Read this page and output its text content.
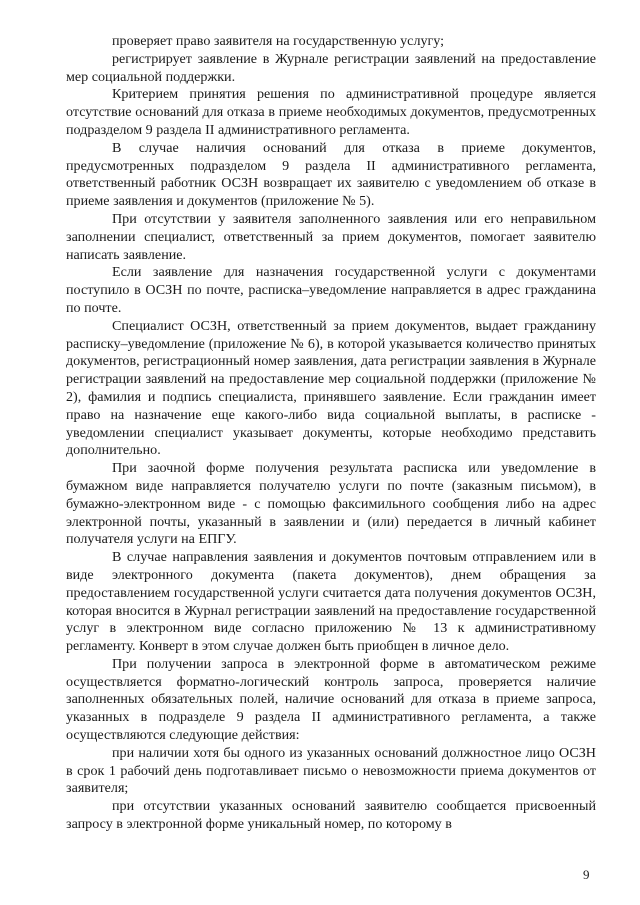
проверяет право заявителя на государственную услугу;

регистрирует заявление в Журнале регистрации заявлений на предоставление мер социальной поддержки.

Критерием принятия решения по административной процедуре является отсутствие оснований для отказа в приеме необходимых документов, предусмотренных подразделом 9 раздела II административного регламента.

В случае наличия оснований для отказа в приеме документов, предусмотренных подразделом 9 раздела II административного регламента, ответственный работник ОСЗН возвращает их заявителю с уведомлением об отказе в приеме заявления и документов (приложение № 5).

При отсутствии у заявителя заполненного заявления или его неправильном заполнении специалист, ответственный за прием документов, помогает заявителю написать заявление.

Если заявление для назначения государственной услуги с документами поступило в ОСЗН по почте, расписка–уведомление направляется в адрес гражданина по почте.

Специалист ОСЗН, ответственный за прием документов, выдает гражданину расписку–уведомление (приложение № 6), в которой указывается количество принятых документов, регистрационный номер заявления, дата регистрации заявления в Журнале регистрации заявлений на предоставление мер социальной поддержки (приложение № 2), фамилия и подпись специалиста, принявшего заявление. Если гражданин имеет право на назначение еще какого-либо вида социальной выплаты, в расписке - уведомлении специалист указывает документы, которые необходимо представить дополнительно.

При заочной форме получения результата расписка или уведомление в бумажном виде направляется получателю услуги по почте (заказным письмом), в бумажно-электронном виде - с помощью факсимильного сообщения либо на адрес электронной почты, указанный в заявлении и (или) передается в личный кабинет получателя услуги на ЕПГУ.

В случае направления заявления и документов почтовым отправлением или в виде электронного документа (пакета документов), днем обращения за предоставлением государственной услуги считается дата получения документов ОСЗН, которая вносится в Журнал регистрации заявлений на предоставление государственной услуг в электронном виде согласно приложению № 13 к административному регламенту. Конверт в этом случае должен быть приобщен в личное дело.

При получении запроса в электронной форме в автоматическом режиме осуществляется форматно-логический контроль запроса, проверяется наличие заполненных обязательных полей, наличие оснований для отказа в приеме запроса, указанных в подразделе 9 раздела II административного регламента, а также осуществляются следующие действия:

при наличии хотя бы одного из указанных оснований должностное лицо ОСЗН в срок 1 рабочий день подготавливает письмо о невозможности приема документов от заявителя;

при отсутствии указанных оснований заявителю сообщается присвоенный запросу в электронной форме уникальный номер, по которому в

9
